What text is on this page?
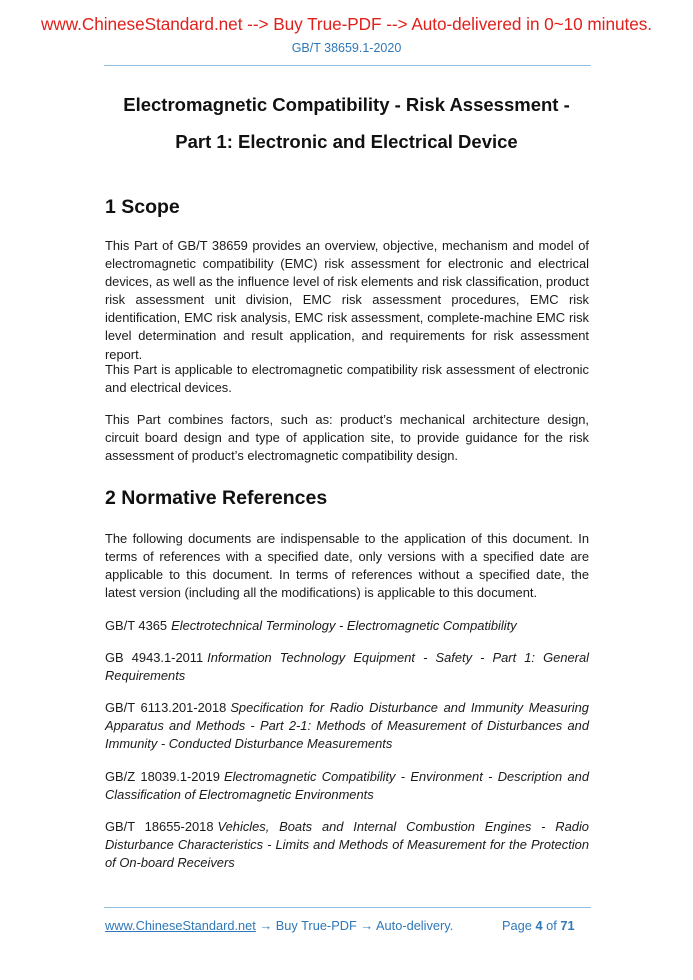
www.ChineseStandard.net --> Buy True-PDF --> Auto-delivered in 0~10 minutes.
GB/T 38659.1-2020
Electromagnetic Compatibility - Risk Assessment -
Part 1: Electronic and Electrical Device
1 Scope
This Part of GB/T 38659 provides an overview, objective, mechanism and model of electromagnetic compatibility (EMC) risk assessment for electronic and electrical devices, as well as the influence level of risk elements and risk classification, product risk assessment unit division, EMC risk assessment procedures, EMC risk identification, EMC risk analysis, EMC risk assessment, complete-machine EMC risk level determination and result application, and requirements for risk assessment report.
This Part is applicable to electromagnetic compatibility risk assessment of electronic and electrical devices.
This Part combines factors, such as: product’s mechanical architecture design, circuit board design and type of application site, to provide guidance for the risk assessment of product’s electromagnetic compatibility design.
2 Normative References
The following documents are indispensable to the application of this document. In terms of references with a specified date, only versions with a specified date are applicable to this document. In terms of references without a specified date, the latest version (including all the modifications) is applicable to this document.
GB/T 4365 Electrotechnical Terminology - Electromagnetic Compatibility
GB 4943.1-2011 Information Technology Equipment - Safety - Part 1: General Requirements
GB/T 6113.201-2018 Specification for Radio Disturbance and Immunity Measuring Apparatus and Methods - Part 2-1: Methods of Measurement of Disturbances and Immunity - Conducted Disturbance Measurements
GB/Z 18039.1-2019 Electromagnetic Compatibility - Environment - Description and Classification of Electromagnetic Environments
GB/T 18655-2018 Vehicles, Boats and Internal Combustion Engines - Radio Disturbance Characteristics - Limits and Methods of Measurement for the Protection of On-board Receivers
www.ChineseStandard.net → Buy True-PDF → Auto-delivery.	Page 4 of 71
